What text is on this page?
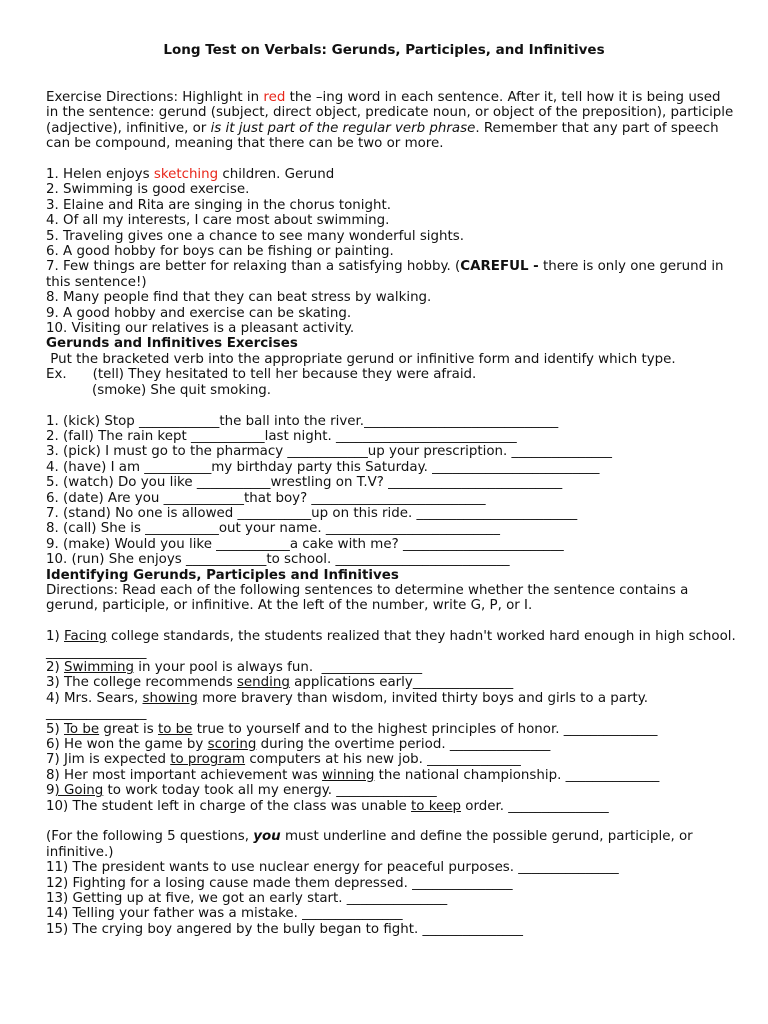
Long Test on Verbals: Gerunds, Participles, and Infinitives
Exercise Directions: Highlight in red the –ing word in each sentence. After it, tell how it is being used in the sentence: gerund (subject, direct object, predicate noun, or object of the preposition), participle (adjective), infinitive, or is it just part of the regular verb phrase. Remember that any part of speech can be compound, meaning that there can be two or more.
1. Helen enjoys sketching children. Gerund
2. Swimming is good exercise.
3. Elaine and Rita are singing in the chorus tonight.
4. Of all my interests, I care most about swimming.
5. Traveling gives one a chance to see many wonderful sights.
6. A good hobby for boys can be fishing or painting.
7. Few things are better for relaxing than a satisfying hobby. (CAREFUL - there is only one gerund in this sentence!)
8. Many people find that they can beat stress by walking.
9. A good hobby and exercise can be skating.
10. Visiting our relatives is a pleasant activity.
Gerunds and Infinitives Exercises
Put the bracketed verb into the appropriate gerund or infinitive form and identify which type.
Ex. (tell) They hesitated to tell her because they were afraid.
(smoke) She quit smoking.
1. (kick) Stop ____________the ball into the river._____________________________
2. (fall) The rain kept ___________last night. ___________________________
3. (pick) I must go to the pharmacy ____________up your prescription. _______________
4. (have) I am __________my birthday party this Saturday. _________________________
5. (watch) Do you like ___________wrestling on T.V? __________________________
6. (date) Are you ____________that boy? __________________________
7. (stand) No one is allowed ___________up on this ride. ________________________
8. (call) She is ___________out your name. __________________________
9. (make) Would you like ___________a cake with me? ________________________
10. (run) She enjoys ____________to school. __________________________
Identifying Gerunds, Participles and Infinitives
Directions: Read each of the following sentences to determine whether the sentence contains a gerund, participle, or infinitive. At the left of the number, write G, P, or I.
1) Facing college standards, the students realized that they hadn't worked hard enough in high school. _______________
2) Swimming in your pool is always fun.  _______________
3) The college recommends sending applications early_______________
4) Mrs. Sears, showing more bravery than wisdom, invited thirty boys and girls to a party. _______________
5) To be great is to be true to yourself and to the highest principles of honor. ______________
6) He won the game by scoring during the overtime period. _______________
7) Jim is expected to program computers at his new job. ______________
8) Her most important achievement was winning the national championship. ______________
9) Going to work today took all my energy. _______________
10) The student left in charge of the class was unable to keep order. _______________
(For the following 5 questions, you must underline and define the possible gerund, participle, or infinitive.)
11) The president wants to use nuclear energy for peaceful purposes. _______________
12) Fighting for a losing cause made them depressed. _______________
13) Getting up at five, we got an early start. _______________
14) Telling your father was a mistake. _______________
15) The crying boy angered by the bully began to fight. _______________
